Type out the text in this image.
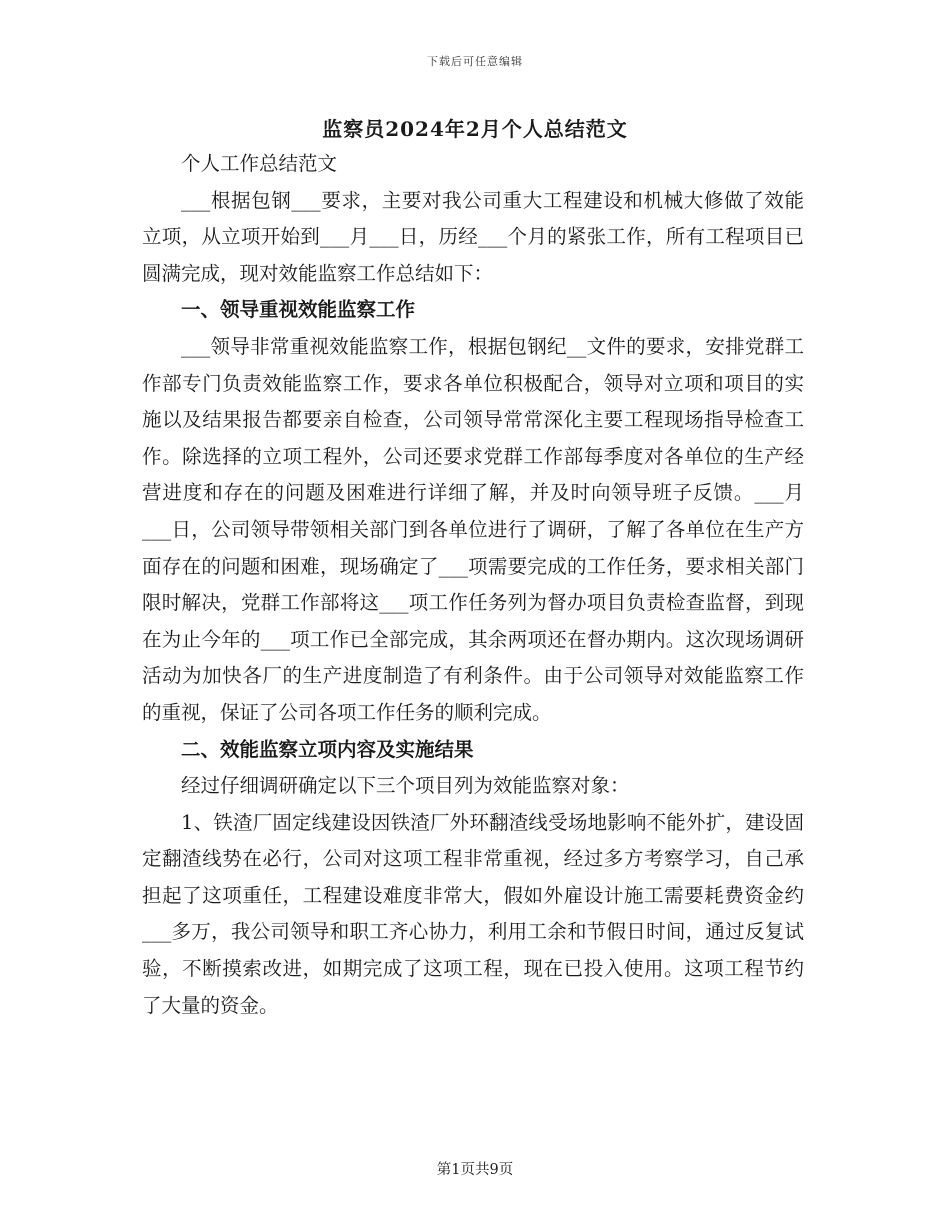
下载后可任意编辑
监察员2024年2月个人总结范文

个人工作总结范文

___根据包钢___要求，主要对我公司重大工程建设和机械大修做了效能立项，从立项开始到___月___日，历经___个月的紧张工作，所有工程项目已圆满完成，现对效能监察工作总结如下：

一、领导重视效能监察工作

___领导非常重视效能监察工作，根据包钢纪__文件的要求，安排党群工作部专门负责效能监察工作，要求各单位积极配合，领导对立项和项目的实施以及结果报告都要亲自检查，公司领导常常深化主要工程现场指导检查工作。除选择的立项工程外，公司还要求党群工作部每季度对各单位的生产经营进度和存在的问题及困难进行详细了解，并及时向领导班子反馈。___月___日，公司领导带领相关部门到各单位进行了调研，了解了各单位在生产方面存在的问题和困难，现场确定了___项需要完成的工作任务，要求相关部门限时解决，党群工作部将这___项工作任务列为督办项目负责检查监督，到现在为止今年的___项工作已全部完成，其余两项还在督办期内。这次现场调研活动为加快各厂的生产进度制造了有利条件。由于公司领导对效能监察工作的重视，保证了公司各项工作任务的顺利完成。

二、效能监察立项内容及实施结果

经过仔细调研确定以下三个项目列为效能监察对象：

1、铁渣厂固定线建设因铁渣厂外环翻渣线受场地影响不能外扩，建设固定翻渣线势在必行，公司对这项工程非常重视，经过多方考察学习，自己承担起了这项重任，工程建设难度非常大，假如外雇设计施工需要耗费资金约___多万，我公司领导和职工齐心协力，利用工余和节假日时间，通过反复试验，不断摸索改进，如期完成了这项工程，现在已投入使用。这项工程节约了大量的资金。

第1页共9页
